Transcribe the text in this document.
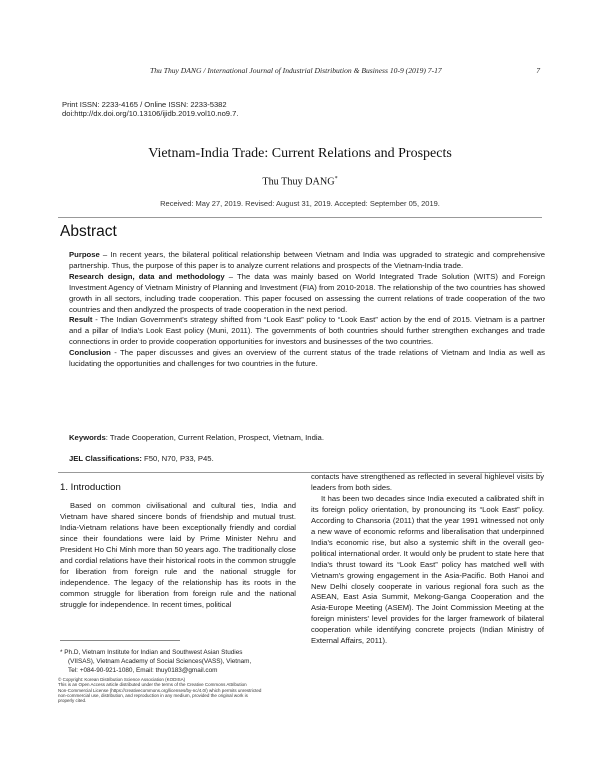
Thu Thuy DANG / International Journal of Industrial Distribution & Business 10-9 (2019) 7-17	7
Print ISSN: 2233-4165 / Online ISSN: 2233-5382
doi:http://dx.doi.org/10.13106/ijidb.2019.vol10.no9.7.
Vietnam-India Trade: Current Relations and Prospects
Thu Thuy DANG*
Received: May 27, 2019. Revised: August 31, 2019. Accepted: September 05, 2019.
Abstract

Purpose – In recent years, the bilateral political relationship between Vietnam and India was upgraded to strategic and comprehensive partnership. Thus, the purpose of this paper is to analyze current relations and prospects of the Vietnam-India trade.

Research design, data and methodology – The data was mainly based on World Integrated Trade Solution (WITS) and Foreign Investment Agency of Vietnam Ministry of Planning and Investment (FIA) from 2010-2018. The relationship of the two countries has showed growth in all sectors, including trade cooperation. This paper focused on assessing the current relations of trade cooperation of the two countries and then andlyzed the prospects of trade cooperation in the next period.

Result - The Indian Government's strategy shifted from “Look East” policy to “Look East” action by the end of 2015. Vietnam is a partner and a pillar of India's Look East policy (Muni, 2011). The governments of both countries should further strengthen exchanges and trade connections in order to provide cooperation opportunities for investors and businesses of the two countries.

Conclusion - The paper discusses and gives an overview of the current status of the trade relations of Vietnam and India as well as lucidating the opportunities and challenges for two countries in the future.

Keywords: Trade Cooperation, Current Relation, Prospect, Vietnam, India.
JEL Classifications: F50, N70, P33, P45.
1. Introduction

Based on common civilisational and cultural ties, India and Vietnam have shared sincere bonds of friendship and mutual trust. India-Vietnam relations have been exceptionally friendly and cordial since their foundations were laid by Prime Minister Nehru and President Ho Chi Minh more than 50 years ago. The traditionally close and cordial relations have their historical roots in the common struggle for liberation from foreign rule and the national struggle for independence. The legacy of the relationship has its roots in the common struggle for liberation from foreign rule and the national struggle for independence. In recent times, political

contacts have strengthened as reflected in several highlevel visits by leaders from both sides.

It has been two decades since India executed a calibrated shift in its foreign policy orientation, by pronouncing its “Look East” policy. According to Chansoria (2011) that the year 1991 witnessed not only a new wave of economic reforms and liberalisation that underpinned India's economic rise, but also a systemic shift in the overall geo-political international order. It would only be prudent to state here that India's thrust toward its “Look East” policy has matched well with Vietnam's growing engagement in the Asia-Pacific. Both Hanoi and New Delhi closely cooperate in various regional fora such as the ASEAN, East Asia Summit, Mekong-Ganga Cooperation and the Asia-Europe Meeting (ASEM). The Joint Commission Meeting at the foreign ministers' level provides for the larger framework of bilateral cooperation while identifying concrete projects (Indian Ministry of External Affairs, 2011).

* Ph.D, Vietnam Institute for Indian and Southwest Asian Studies
(VIISAS), Vietnam Academy of Social Sciences(VASS), Vietnam,
Tel: +084-90-921-1080, Email: thuy0183@gmail.com
© Copyright: Korean Distribution Science Association (KODISA)
This is an Open Access article distributed under the terms of the Creative Commons Attribution
Non-Commercial License (https://creativecommons.org/licenses/by-nc/4.0/) which permits unrestricted
non-commercial use, distribution, and reproduction in any medium, provided the original work is
properly cited.
